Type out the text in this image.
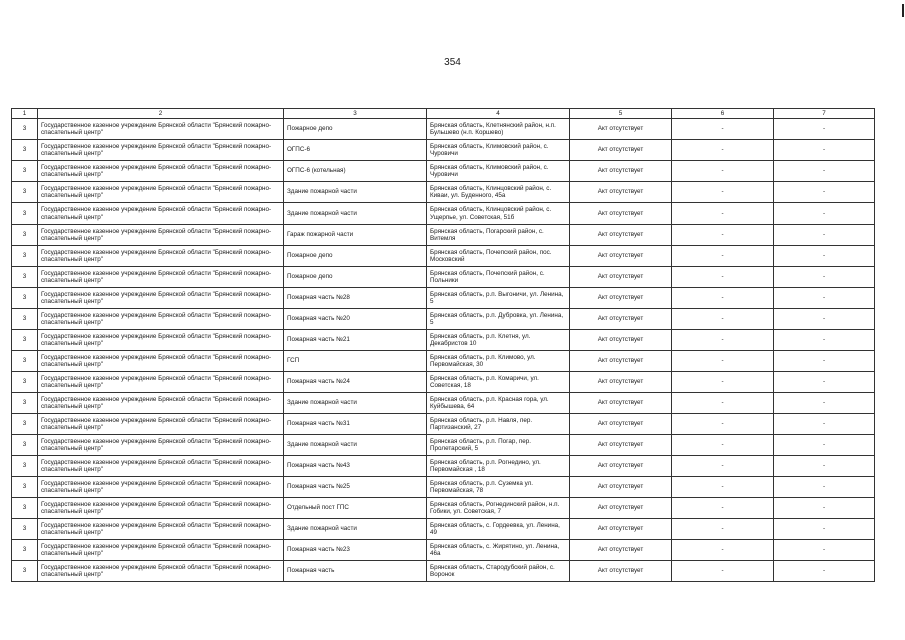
354
1	2	3	4	5	6	7
3	Государственное казенное учреждение Брянской области "Брянский пожарно-спасательный центр"	Пожарное депо	Брянская область, Клетнянский район, н.п. Бульшево (н.п. Коршево)	Акт отсутствует	-	-
3	Государственное казенное учреждение Брянской области "Брянский пожарно-спасательный центр"	ОГПС-6	Брянская область, Климовский район, с. Чуровичи	Акт отсутствует	-	-
3	Государственное казенное учреждение Брянской области "Брянский пожарно-спасательный центр"	ОГПС-6 (котельная)	Брянская область, Климовский район, с. Чуровичи	Акт отсутствует	-	-
3	Государственное казенное учреждение Брянской области "Брянский пожарно-спасательный центр"	Здание пожарной части	Брянская область, Клинцовский район, с. Киваи, ул. Буденного, 45а	Акт отсутствует	-	-
3	Государственное казенное учреждение Брянской области "Брянский пожарно-спасательный центр"	Здание пожарной части	Брянская область, Клинцовский район, с. Ущерпье, ул. Советская, 51б	Акт отсутствует	-	-
3	Государственное казенное учреждение Брянской области "Брянский пожарно-спасательный центр"	Гараж пожарной части	Брянская область, Погарский район, с. Витемля	Акт отсутствует	-	-
3	Государственное казенное учреждение Брянской области "Брянский пожарно-спасательный центр"	Пожарное депо	Брянская область, Почепский район, пос. Московский	Акт отсутствует	-	-
3	Государственное казенное учреждение Брянской области "Брянский пожарно-спасательный центр"	Пожарное депо	Брянская область, Почепский район, с. Польники	Акт отсутствует	-	-
3	Государственное казенное учреждение Брянской области "Брянский пожарно-спасательный центр"	Пожарная часть №28	Брянская область, р.п. Выгоничи, ул. Ленина, 5	Акт отсутствует	-	-
3	Государственное казенное учреждение Брянской области "Брянский пожарно-спасательный центр"	Пожарная часть №20	Брянская область, р.п. Дубровка, ул. Ленина, 5	Акт отсутствует	-	-
3	Государственное казенное учреждение Брянской области "Брянский пожарно-спасательный центр"	Пожарная часть №21	Брянская область, р.п. Клетня, ул. Декабристов 10	Акт отсутствует	-	-
3	Государственное казенное учреждение Брянской области "Брянский пожарно-спасательный центр"	ГСП	Брянская область, р.п. Климово, ул. Первомайская, 30	Акт отсутствует	-	-
3	Государственное казенное учреждение Брянской области "Брянский пожарно-спасательный центр"	Пожарная часть №24	Брянская область, р.п. Комаричи, ул. Советская, 18	Акт отсутствует	-	-
3	Государственное казенное учреждение Брянской области "Брянский пожарно-спасательный центр"	Здание пожарной части	Брянская область, р.п. Красная гора, ул. Куйбышева, 64	Акт отсутствует	-	-
3	Государственное казенное учреждение Брянской области "Брянский пожарно-спасательный центр"	Пожарная часть №31	Брянская область, р.п. Навля, пер. Партизанский, 27	Акт отсутствует	-	-
3	Государственное казенное учреждение Брянской области "Брянский пожарно-спасательный центр"	Здание пожарной части	Брянская область, р.п. Погар, пер. Пролетарский, 5	Акт отсутствует	-	-
3	Государственное казенное учреждение Брянской области "Брянский пожарно-спасательный центр"	Пожарная часть №43	Брянская область, р.п. Рогнедино, ул. Первомайская , 18	Акт отсутствует	-	-
3	Государственное казенное учреждение Брянской области "Брянский пожарно-спасательный центр"	Пожарная часть №25	Брянская область, р.п. Суземка ул. Первомайская, 78	Акт отсутствует	-	-
3	Государственное казенное учреждение Брянской области "Брянский пожарно-спасательный центр"	Отдельный пост ГПС	Брянская область, Рогнединский район, н.п. Гобики, ул. Советская, 7	Акт отсутствует	-	-
3	Государственное казенное учреждение Брянской области "Брянский пожарно-спасательный центр"	Здание пожарной части	Брянская область, с. Гордеевка, ул. Ленина, 49	Акт отсутствует	-	-
3	Государственное казенное учреждение Брянской области "Брянский пожарно-спасательный центр"	Пожарная часть №23	Брянская область, с. Жирятино, ул. Ленина, 46а	Акт отсутствует	-	-
3	Государственное казенное учреждение Брянской области "Брянский пожарно-спасательный центр"	Пожарная часть	Брянская область, Стародубский район, с. Воронок	Акт отсутствует	-	-
